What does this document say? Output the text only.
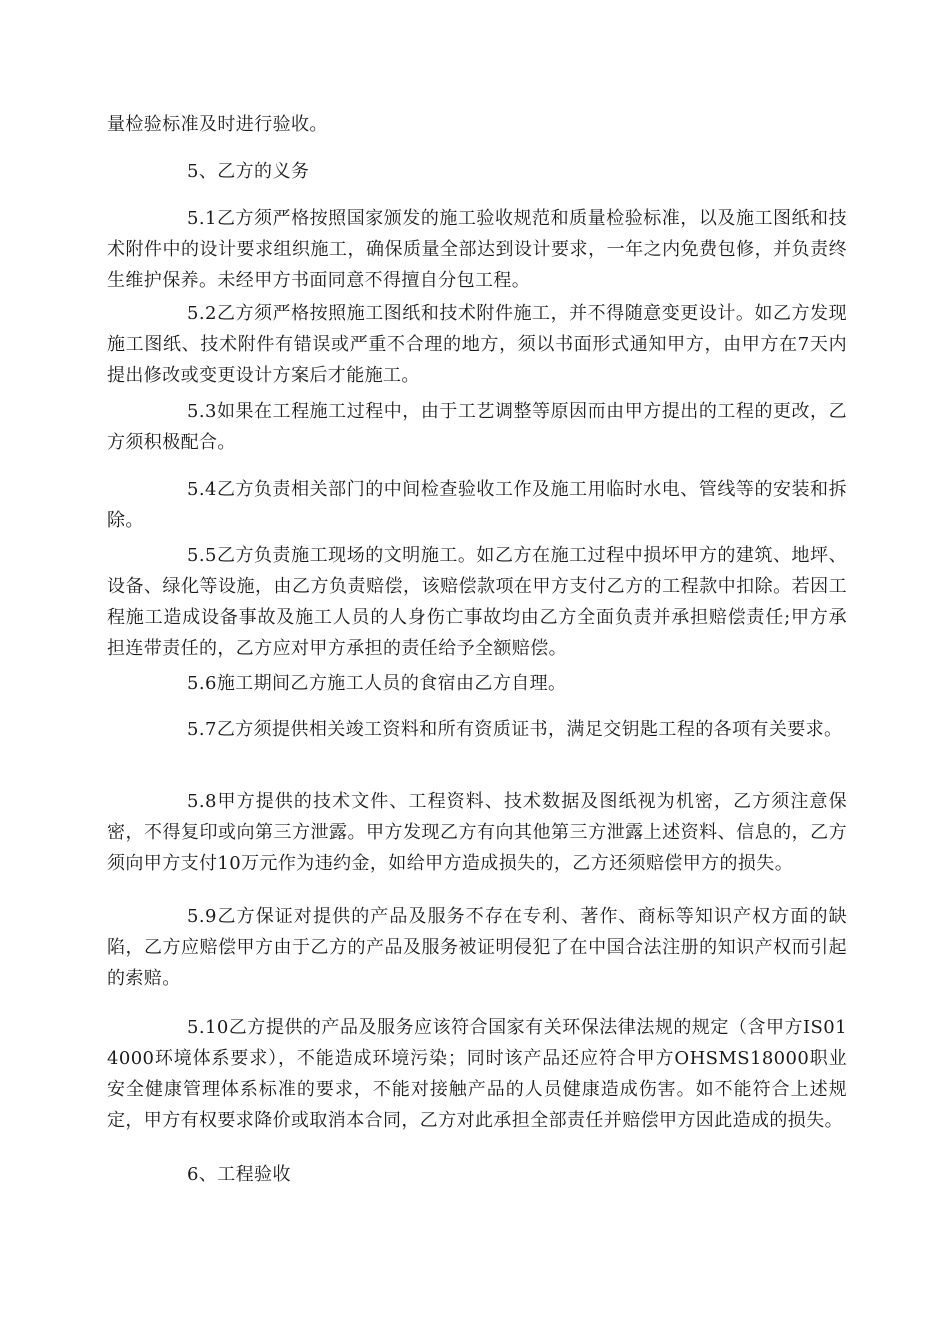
量检验标准及时进行验收。

5、乙方的义务

5.1乙方须严格按照国家颁发的施工验收规范和质量检验标准，以及施工图纸和技术附件中的设计要求组织施工，确保质量全部达到设计要求，一年之内免费包修，并负责终生维护保养。未经甲方书面同意不得擅自分包工程。

5.2乙方须严格按照施工图纸和技术附件施工，并不得随意变更设计。如乙方发现施工图纸、技术附件有错误或严重不合理的地方，须以书面形式通知甲方，由甲方在7天内提出修改或变更设计方案后才能施工。

5.3如果在工程施工过程中，由于工艺调整等原因而由甲方提出的工程的更改，乙方须积极配合。

5.4乙方负责相关部门的中间检查验收工作及施工用临时水电、管线等的安装和拆除。

5.5乙方负责施工现场的文明施工。如乙方在施工过程中损坏甲方的建筑、地坪、设备、绿化等设施，由乙方负责赔偿，该赔偿款项在甲方支付乙方的工程款中扣除。若因工程施工造成设备事故及施工人员的人身伤亡事故均由乙方全面负责并承担赔偿责任;甲方承担连带责任的，乙方应对甲方承担的责任给予全额赔偿。

5.6施工期间乙方施工人员的食宿由乙方自理。

5.7乙方须提供相关竣工资料和所有资质证书，满足交钥匙工程的各项有关要求。

5.8甲方提供的技术文件、工程资料、技术数据及图纸视为机密，乙方须注意保密，不得复印或向第三方泄露。甲方发现乙方有向其他第三方泄露上述资料、信息的，乙方须向甲方支付10万元作为违约金，如给甲方造成损失的，乙方还须赔偿甲方的损失。

5.9乙方保证对提供的产品及服务不存在专利、著作、商标等知识产权方面的缺陷，乙方应赔偿甲方由于乙方的产品及服务被证明侵犯了在中国合法注册的知识产权而引起的索赔。

5.10乙方提供的产品及服务应该符合国家有关环保法律法规的规定（含甲方IS014000环境体系要求），不能造成环境污染；同时该产品还应符合甲方OHSMS18000职业安全健康管理体系标准的要求，不能对接触产品的人员健康造成伤害。如不能符合上述规定，甲方有权要求降价或取消本合同，乙方对此承担全部责任并赔偿甲方因此造成的损失。

6、工程验收
